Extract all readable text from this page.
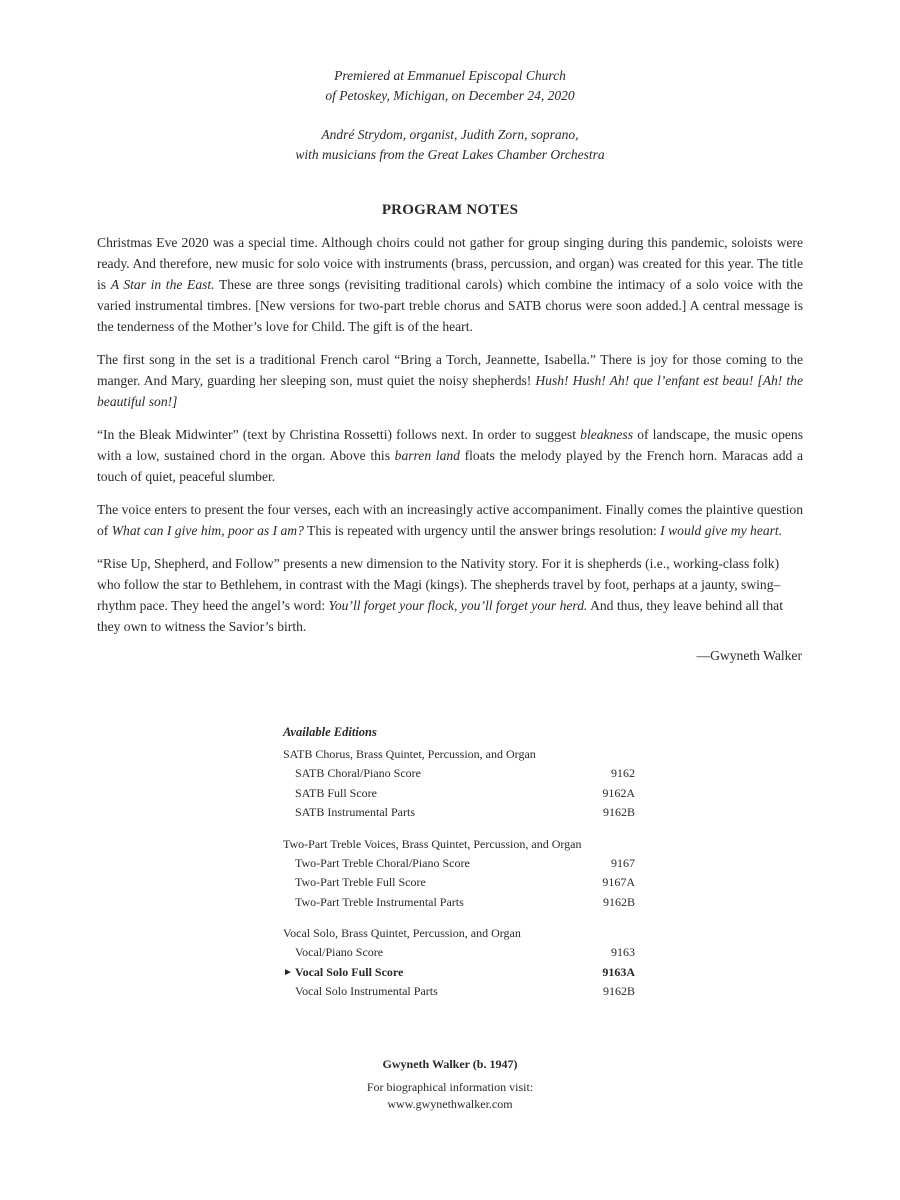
Premiered at Emmanuel Episcopal Church
of Petoskey, Michigan, on December 24, 2020
André Strydom, organist, Judith Zorn, soprano,
with musicians from the Great Lakes Chamber Orchestra
PROGRAM NOTES

Christmas Eve 2020 was a special time. Although choirs could not gather for group singing during this pandemic, soloists were ready. And therefore, new music for solo voice with instruments (brass, percussion, and organ) was created for this year. The title is A Star in the East. These are three songs (revisiting traditional carols) which combine the intimacy of a solo voice with the varied instrumental timbres. [New versions for two-part treble chorus and SATB chorus were soon added.] A central message is the tenderness of the Mother’s love for Child. The gift is of the heart.

The first song in the set is a traditional French carol “Bring a Torch, Jeannette, Isabella.” There is joy for those coming to the manger. And Mary, guarding her sleeping son, must quiet the noisy shepherds! Hush! Hush! Ah! que l’enfant est beau! [Ah! the beautiful son!]

“In the Bleak Midwinter” (text by Christina Rossetti) follows next. In order to suggest bleakness of landscape, the music opens with a low, sustained chord in the organ. Above this barren land floats the melody played by the French horn. Maracas add a touch of quiet, peaceful slumber.

The voice enters to present the four verses, each with an increasingly active accompaniment. Finally comes the plaintive question of What can I give him, poor as I am? This is repeated with urgency until the answer brings resolution: I would give my heart.

“Rise Up, Shepherd, and Follow” presents a new dimension to the Nativity story. For it is shepherds (i.e., working-class folk) who follow the star to Bethlehem, in contrast with the Magi (kings). The shepherds travel by foot, perhaps at a jaunty, swing–rhythm pace. They heed the angel’s word: You’ll forget your flock, you’ll forget your herd. And thus, they leave behind all that they own to witness the Savior’s birth.

—Gwyneth Walker
Available Editions
SATB Chorus, Brass Quintet, Percussion, and Organ
SATB Choral/Piano Score	9162
SATB Full Score	9162A
SATB Instrumental Parts	9162B
Two-Part Treble Voices, Brass Quintet, Percussion, and Organ
Two-Part Treble Choral/Piano Score	9167
Two-Part Treble Full Score	9167A
Two-Part Treble Instrumental Parts	9162B
Vocal Solo, Brass Quintet, Percussion, and Organ
Vocal/Piano Score	9163
► Vocal Solo Full Score	9163A
Vocal Solo Instrumental Parts	9162B
Gwyneth Walker (b. 1947)
For biographical information visit:
www.gwynethwalker.com
